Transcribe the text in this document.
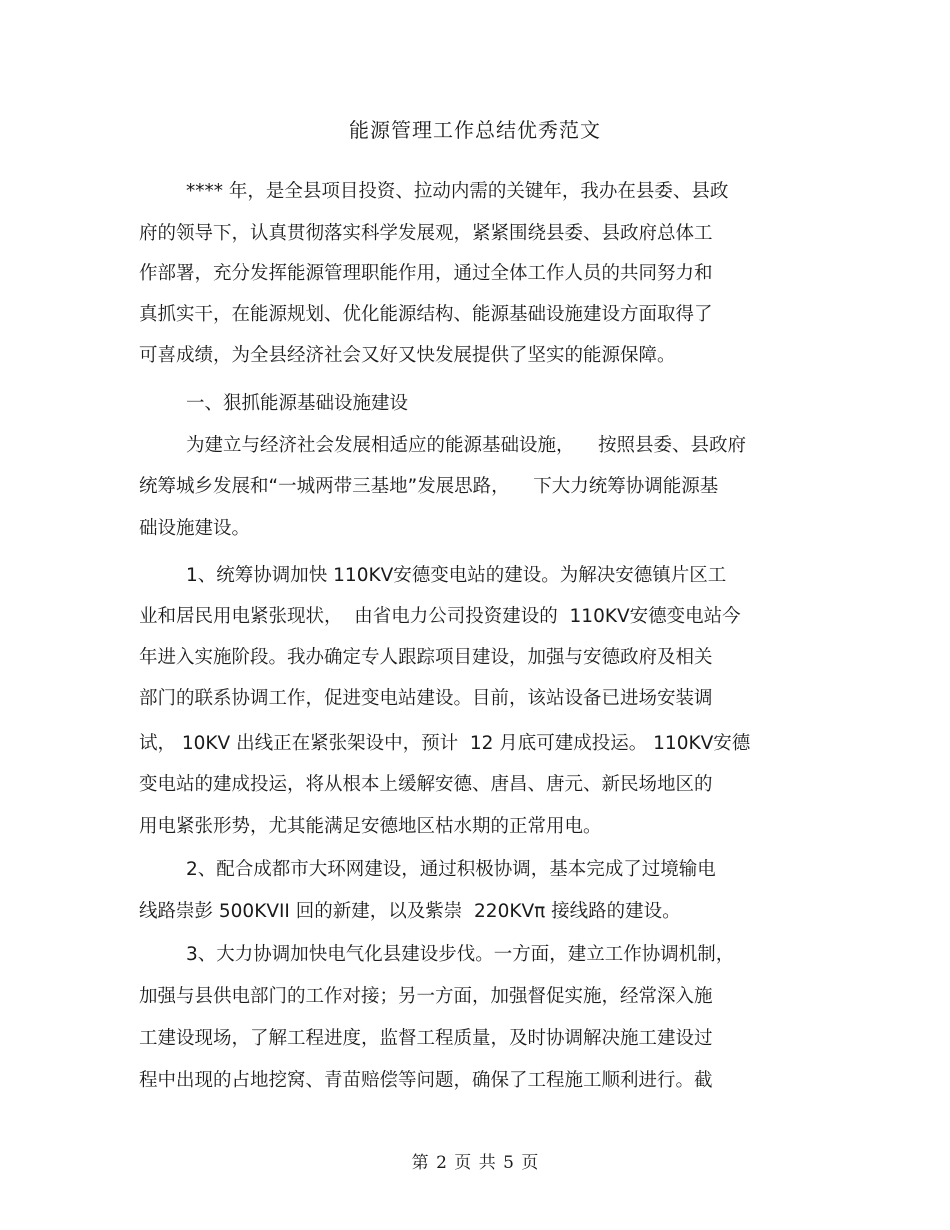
能源管理工作总结优秀范文
**** 年，是全县项目投资、拉动内需的关键年，我办在县委、县政
府的领导下，认真贯彻落实科学发展观，紧紧围绕县委、县政府总体工
作部署，充分发挥能源管理职能作用，通过全体工作人员的共同努力和
真抓实干，在能源规划、优化能源结构、能源基础设施建设方面取得了
可喜成绩，为全县经济社会又好又快发展提供了坚实的能源保障。
一、狠抓能源基础设施建设
为建立与经济社会发展相适应的能源基础设施，    按照县委、县政府
统筹城乡发展和“一城两带三基地”发展思路，    下大力统筹协调能源基
础设施建设。
1、统筹协调加快 110KV安德变电站的建设。为解决安德镇片区工
业和居民用电紧张现状，  由省电力公司投资建设的  110KV安德变电站今
年进入实施阶段。我办确定专人跟踪项目建设，加强与安德政府及相关
部门的联系协调工作，促进变电站建设。目前，该站设备已进场安装调
试， 10KV 出线正在紧张架设中，预计  12 月底可建成投运。 110KV安德
变电站的建成投运，将从根本上缓解安德、唐昌、唐元、新民场地区的
用电紧张形势，尤其能满足安德地区枯水期的正常用电。
2、配合成都市大环网建设，通过积极协调，基本完成了过境输电
线路崇彭 500KVII 回的新建，以及紫崇  220KVπ 接线路的建设。
3、大力协调加快电气化县建设步伐。一方面，建立工作协调机制，
加强与县供电部门的工作对接；另一方面，加强督促实施，经常深入施
工建设现场，了解工程进度，监督工程质量，及时协调解决施工建设过
程中出现的占地挖窝、青苗赔偿等问题，确保了工程施工顺利进行。截
第 2 页 共 5 页
